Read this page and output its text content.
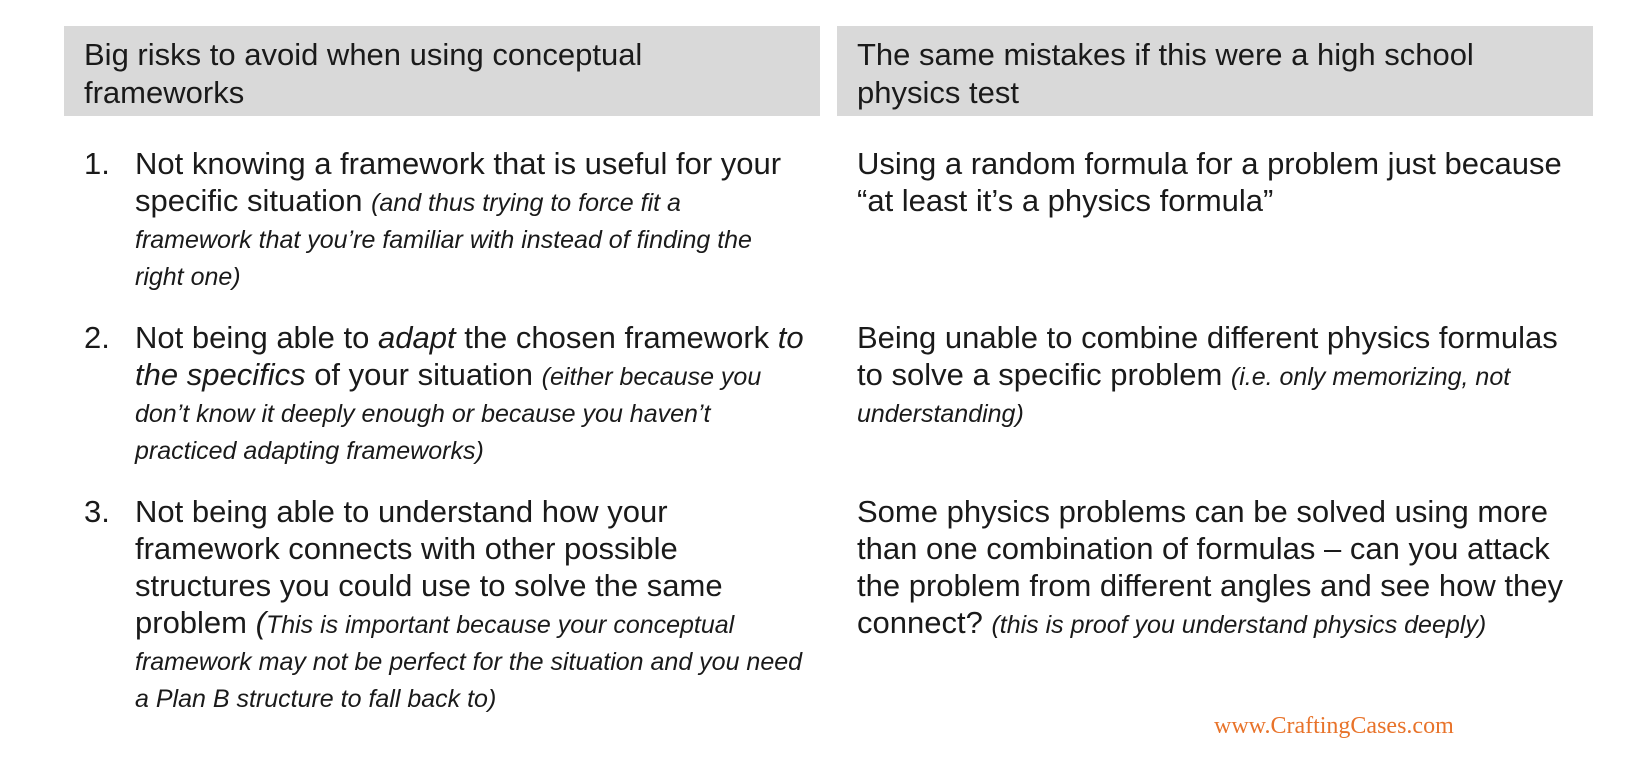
Big risks to avoid when using conceptual frameworks
The same mistakes if this were a high school physics test
1. Not knowing a framework that is useful for your specific situation (and thus trying to force fit a framework that you’re familiar with instead of finding the right one)
2. Not being able to adapt the chosen framework to the specifics of your situation (either because you don’t know it deeply enough or because you haven’t practiced adapting frameworks)
3. Not being able to understand how your framework connects with other possible structures you could use to solve the same problem (This is important because your conceptual framework may not be perfect for the situation and you need a Plan B structure to fall back to)
Using a random formula for a problem just because “at least it’s a physics formula”
Being unable to combine different physics formulas to solve a specific problem (i.e. only memorizing, not understanding)
Some physics problems can be solved using more than one combination of formulas – can you attack the problem from different angles and see how they connect? (this is proof you understand physics deeply)
www.CraftingCases.com
